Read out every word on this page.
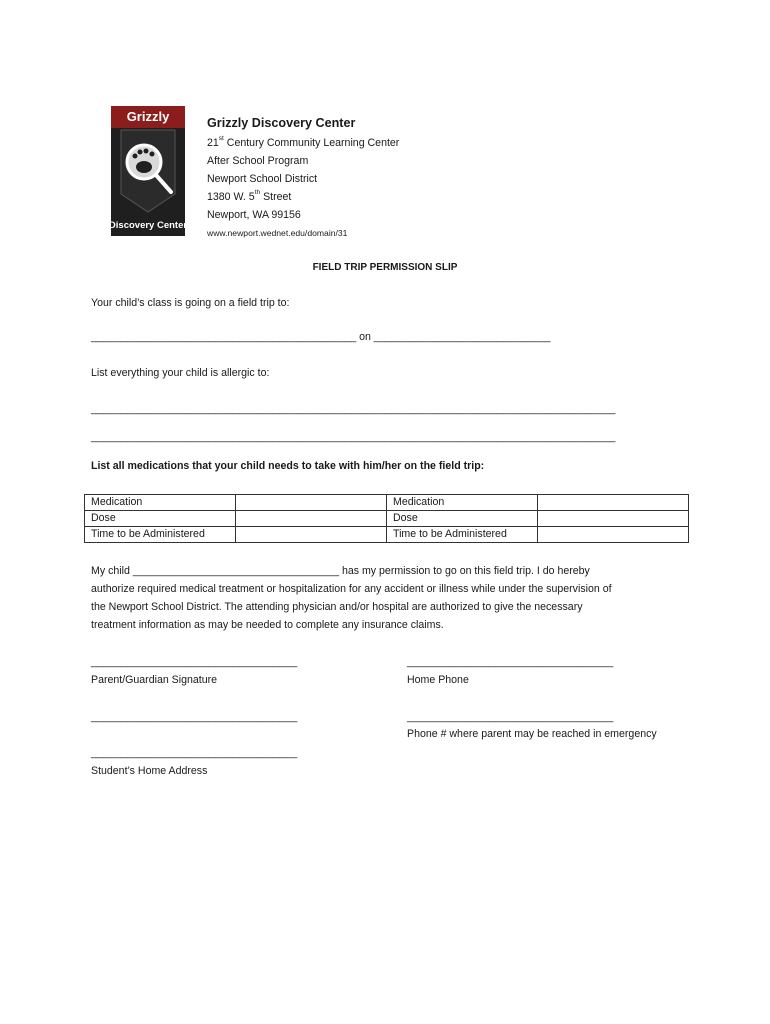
Grizzly
Discovery Center
Grizzly Discovery Center
21st Century Community Learning Center
After School Program
Newport School District
1380 W. 5th Street
Newport, WA 99156
www.newport.wednet.edu/domain/31
FIELD TRIP PERMISSION SLIP
Your child’s class is going on a field trip to:
_____________________________________________ on ______________________________
List everything your child is allergic to:
_________________________________________________________________________________________
_________________________________________________________________________________________
List all medications that your child needs to take with him/her on the field trip:
Medication		Medication	
Dose		Dose	
Time to be Administered		Time to be Administered	
My child ___________________________________ has my permission to go on this field trip. I do hereby
authorize required medical treatment or hospitalization for any accident or illness while under the supervision of
the Newport School District. The attending physician and/or hospital are authorized to give the necessary
treatment information as may be needed to complete any insurance claims.
___________________________________	___________________________________
Parent/Guardian Signature	Home Phone
___________________________________	___________________________________
Phone # where parent may be reached in emergency
___________________________________
Student’s Home Address
